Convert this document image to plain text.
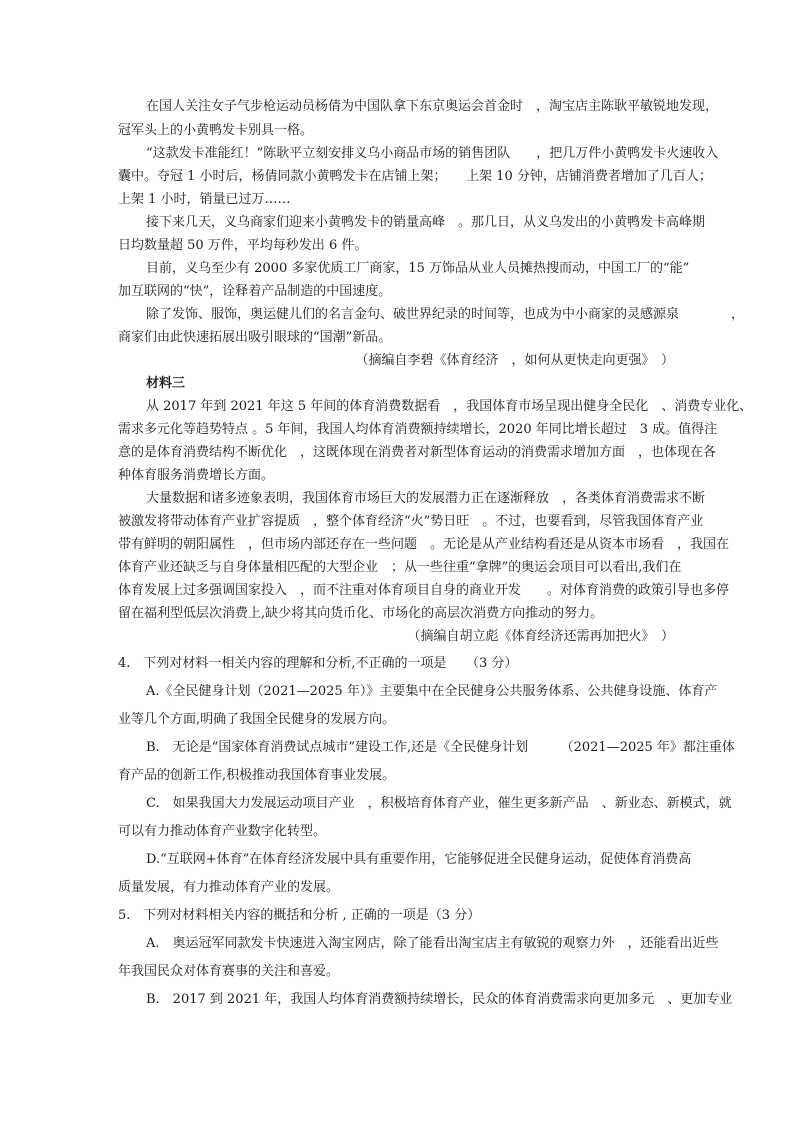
在国人关注女子气步枪运动员杨倩为中国队拿下东京奥运会首金时　，淘宝店主陈耿平敏锐地发现，
冠军头上的小黄鸭发卡别具一格。
“这款发卡准能红！”陈耿平立刻安排义乌小商品市场的销售团队　　，把几万件小黄鸭发卡火速收入
囊中。夺冠 1 小时后，杨倩同款小黄鸭发卡在店铺上架；　　上架 10 分钟，店铺消费者增加了几百人；
上架 1 小时，销量已过万……
接下来几天，义乌商家们迎来小黄鸭发卡的销量高峰　。那几日，从义乌发出的小黄鸭发卡高峰期
日均数量超 50 万件，平均每秒发出 6 件。
目前，义乌至少有 2000 多家优质工厂商家，15 万饰品从业人员摊热搜而动，中国工厂的“能”
加互联网的“快”，诠释着产品制造的中国速度。
除了发饰、服饰，奥运健儿们的名言金句、破世界纪录的时间等，也成为中小商家的灵感源泉　　　　，
商家们由此快速拓展出吸引眼球的“国潮”新品。
（摘编自李碧《体育经济　，如何从更快走向更强》　）
材料三
从 2017 年到 2021 年这 5 年间的体育消费数据看　，我国体育市场呈现出健身全民化　、消费专业化、
需求多元化等趋势特点 。5 年间，我国人均体育消费额持续增长，2020 年同比增长超过　3 成。值得注
意的是体育消费结构不断优化　，这既体现在消费者对新型体育运动的消费需求增加方面　，也体现在各
种体育服务消费增长方面。
大量数据和诸多迹象表明，我国体育市场巨大的发展潜力正在逐渐释放　，各类体育消费需求不断
被激发将带动体育产业扩容提质　，整个体育经济“火”势日旺　。不过，也要看到，尽管我国体育产业
带有鲜明的朝阳属性　，但市场内部还存在一些问题　。无论是从产业结构看还是从资本市场看　，我国在
体育产业还缺乏与自身体量相匹配的大型企业　；从一些往重“拿牌”的奥运会项目可以看出,我们在
体育发展上过多强调国家投入　，而不注重对体育项目自身的商业开发　　。对体育消费的政策引导也多停
留在福利型低层次消费上,缺少将其向货币化、市场化的高层次消费方向推动的努力。
（摘编自胡立彪《体育经济还需再加把火》　）
4.　下列对材料一相关内容的理解和分析,不正确的一项是　　（3 分）
A.《全民健身计划（2021—2025 年）》主要集中在全民健身公共服务体系、公共健身设施、体育产
业等几个方面,明确了我国全民健身的发展方向。
B.　无论是“国家体育消费试点城市”建设工作,还是《全民健身计划　　　（2021—2025 年》都注重体
育产品的创新工作,积极推动我国体育事业发展。
C.　如果我国大力发展运动项目产业　，积极培育体育产业，催生更多新产品　、新业态、新模式，就
可以有力推动体育产业数字化转型。
D.“互联网+体育”在体育经济发展中具有重要作用，它能够促进全民健身运动，促使体育消费高
质量发展，有力推动体育产业的发展。
5.　下列对材料相关内容的概括和分析 , 正确的一项是（3 分）
A.　奥运冠军同款发卡快速进入淘宝网店，除了能看出淘宝店主有敏锐的观察力外　，还能看出近些
年我国民众对体育赛事的关注和喜爱。
B.　2017 到 2021 年，我国人均体育消费额持续增长，民众的体育消费需求向更加多元　、更加专业
